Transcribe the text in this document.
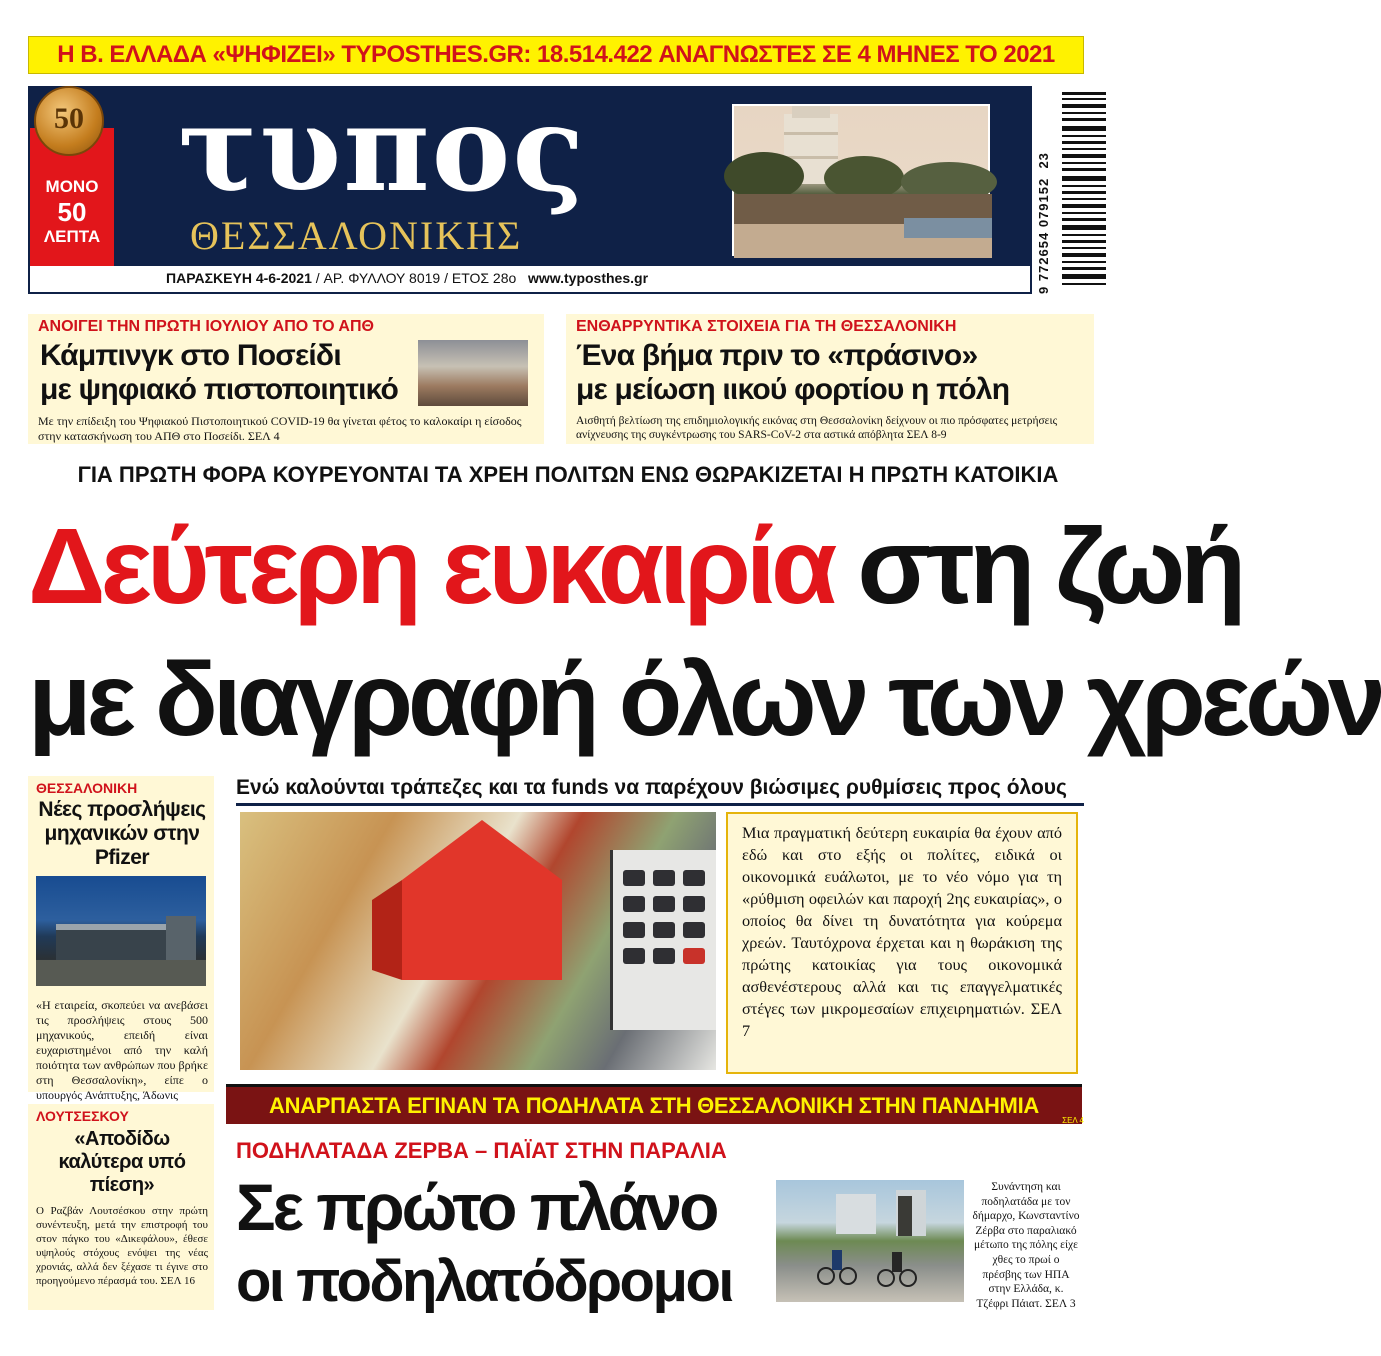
Η Β. ΕΛΛΑΔΑ «ΨΗΦΙΖΕΙ» TYPOSTHES.GR: 18.514.422 ΑΝΑΓΝΩΣΤΕΣ ΣΕ 4 ΜΗΝΕΣ ΤΟ 2021
τυπος
ΘΕΣΣΑΛΟΝΙΚΗΣ
ΠΑΡΑΣΚΕΥΗ 4-6-2021 / ΑΡ. ΦΥΛΛΟΥ 8019 / ΕΤΟΣ 28ο www.typosthes.gr
50
ΜΟΝΟ
50
ΛΕΠΤΑ	9 772654 079152  23
ΑΝΟΙΓΕΙ ΤΗΝ ΠΡΩΤΗ ΙΟΥΛΙΟΥ ΑΠΟ ΤΟ ΑΠΘ
Κάμπινγκ στο Ποσείδι
με ψηφιακό πιστοποιητικό
Με την επίδειξη του Ψηφιακού Πιστοποιητικού COVID-19 θα γίνεται φέτος το καλοκαίρι η είσοδος στην κατασκήνωση του ΑΠΘ στο Ποσείδι. ΣΕΛ 4
ΕΝΘΑΡΡΥΝΤΙΚΑ ΣΤΟΙΧΕΙΑ ΓΙΑ ΤΗ ΘΕΣΣΑΛΟΝΙΚΗ
Ένα βήμα πριν το «πράσινο»
με μείωση ιικού φορτίου η πόλη
Αισθητή βελτίωση της επιδημιολογικής εικόνας στη Θεσσαλονίκη δείχνουν οι πιο πρόσφατες μετρήσεις ανίχνευσης της συγκέντρωσης του SARS-CoV-2 στα αστικά απόβλητα ΣΕΛ 8-9
ΓΙΑ ΠΡΩΤΗ ΦΟΡΑ ΚΟΥΡΕΥΟΝΤΑΙ ΤΑ ΧΡΕΗ ΠΟΛΙΤΩΝ ΕΝΩ ΘΩΡΑΚΙΖΕΤΑΙ Η ΠΡΩΤΗ ΚΑΤΟΙΚΙΑ
Δεύτερη ευκαιρία στη ζωή
με διαγραφή όλων των χρεών
ΘΕΣΣΑΛΟΝΙΚΗ
Νέες προσλήψεις μηχανικών στην Pfizer
«Η εταιρεία, σκοπεύει να ανεβάσει τις προσλήψεις στους 500 μηχανικούς, επειδή είναι ευχαριστημένοι από την καλή ποιότητα των ανθρώπων που βρήκε στη Θεσσαλονίκη», είπε ο υπουργός Ανάπτυξης, Άδωνις
ΛΟΥΤΣΕΣΚΟΥ
«Αποδίδω καλύτερα υπό πίεση»
Ο Ραζβάν Λουτσέσκου στην πρώτη συνέντευξη, μετά την επιστροφή του στον πάγκο του «Δικεφάλου», έθεσε υψηλούς στόχους ενόψει της νέας χρονιάς, αλλά δεν ξέχασε τι έγινε στο προηγούμενο πέρασμά του. ΣΕΛ 16
Ενώ καλούνται τράπεζες και τα funds να παρέχουν βιώσιμες ρυθμίσεις προς όλους

Μια πραγματική δεύτερη ευκαιρία θα έχουν από εδώ και στο εξής οι πολίτες, ειδικά οι οικονομικά ευάλωτοι, με το νέο νόμο για τη «ρύθμιση οφειλών και παροχή 2ης ευκαιρίας», ο οποίος θα δίνει τη δυνατότητα για κούρεμα χρεών. Ταυτόχρονα έρχεται και η θωράκιση της πρώτης κατοικίας για τους οικονομικά ασθενέστερους αλλά και τις επαγγελματικές στέγες των μικρομεσαίων επιχειρηματιών. ΣΕΛ 7

ΑΝΑΡΠΑΣΤΑ ΕΓΙΝΑΝ ΤΑ ΠΟΔΗΛΑΤΑ ΣΤΗ ΘΕΣΣΑΛΟΝΙΚΗ ΣΤΗΝ ΠΑΝΔΗΜΙΑ
ΣΕΛ 4
ΠΟΔΗΛΑΤΑΔΑ ΖΕΡΒΑ – ΠΑΪΑΤ ΣΤΗΝ ΠΑΡΑΛΙΑ
Σε πρώτο πλάνο
οι ποδηλατόδρομοι
Συνάντηση και ποδηλατάδα με τον δήμαρχο, Κωνσταντίνο Ζέρβα στο παραλιακό μέτωπο της πόλης είχε χθες το πρωί ο πρέσβης των ΗΠΑ στην Ελλάδα, κ. Τζέφρι Πάιατ. ΣΕΛ 3
